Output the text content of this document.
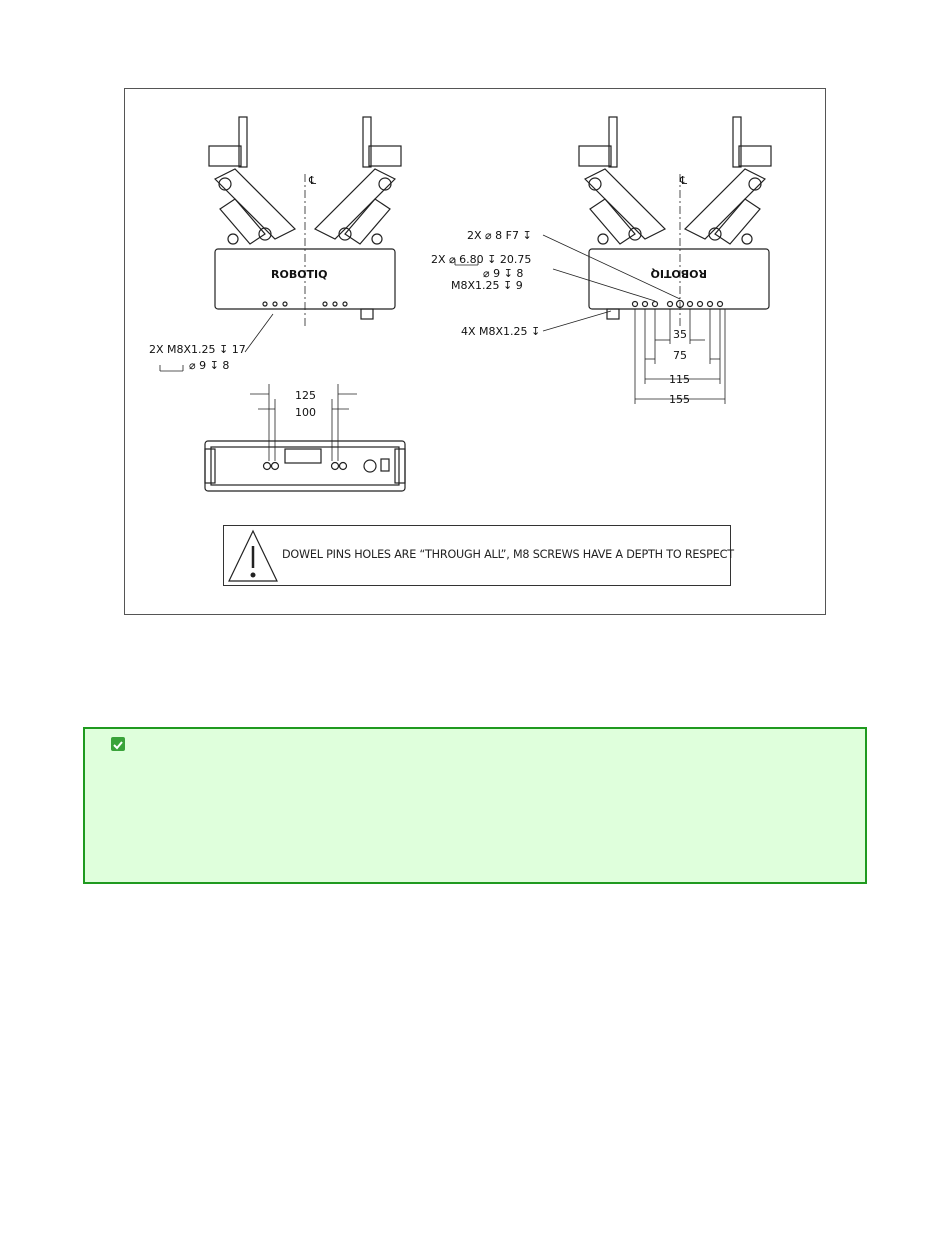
ROBOTIQ	ROBOTIQ
℄	℄
2X M8X1.25 ↧ 17
⌀ 9 ↧ 8
2X ⌀ 8 F7 ↧
2X ⌀ 6.80 ↧ 20.75
⌀ 9 ↧ 8
M8X1.25 ↧ 9
4X M8X1.25 ↧	35
75
115
155
125
100
DOWEL PINS HOLES ARE “THROUGH ALL”, M8 SCREWS HAVE A DEPTH TO RESPECT
